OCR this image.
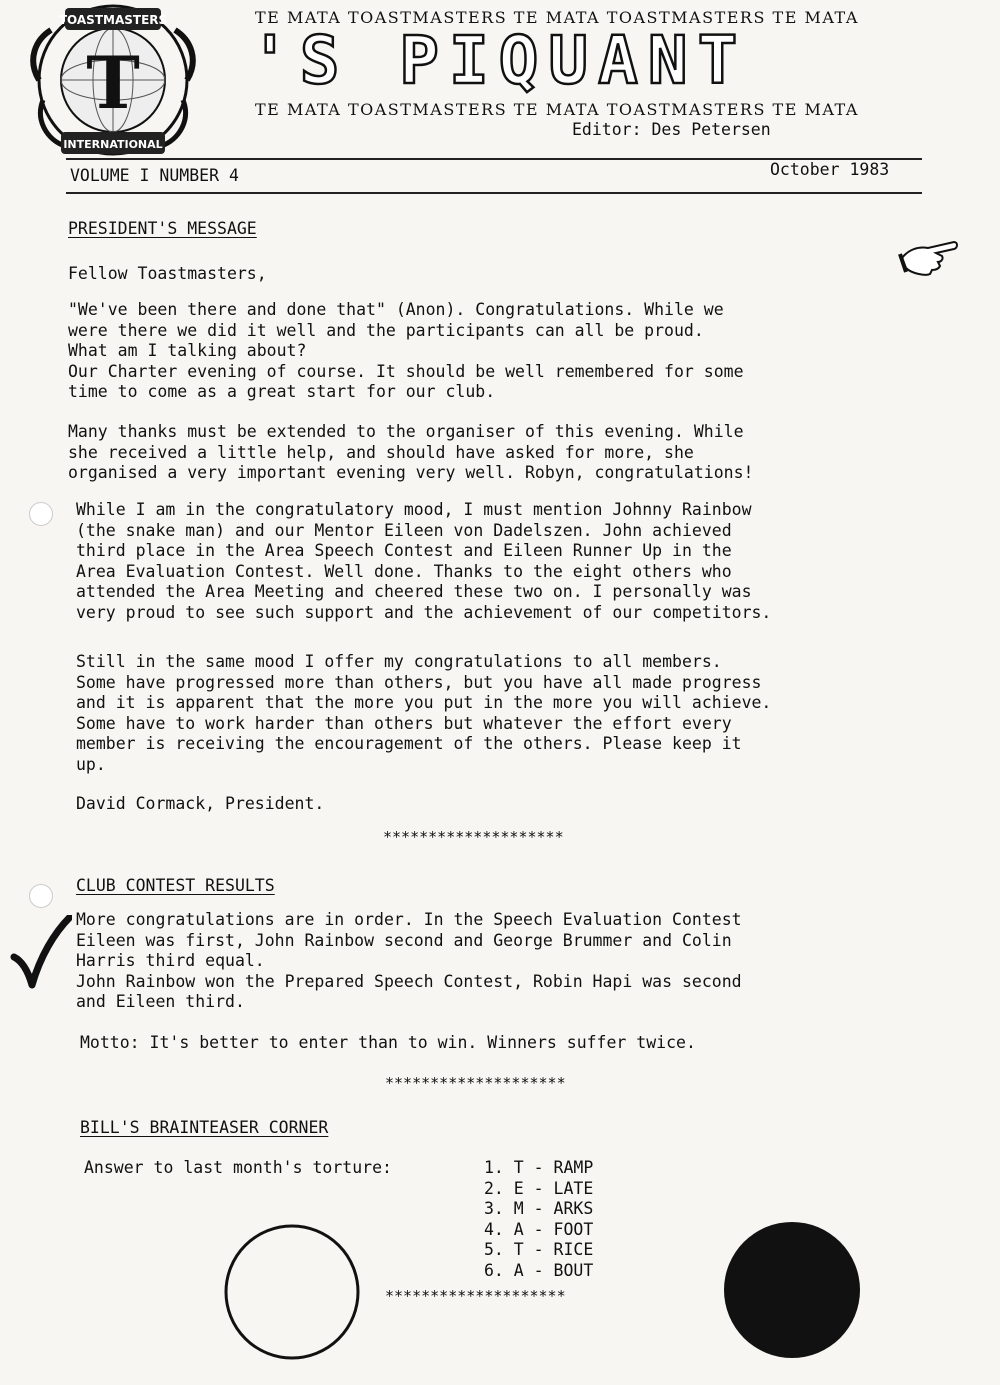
TOASTMASTERS
T
INTERNATIONAL
TE MATA TOASTMASTERS TE MATA TOASTMASTERS TE MATA
'S PIQUANT
TE MATA TOASTMASTERS TE MATA TOASTMASTERS TE MATA
Editor: Des Petersen
VOLUME I NUMBER 4	October 1983
PRESIDENT'S MESSAGE
Fellow Toastmasters,
"We've been there and done that" (Anon). Congratulations. While we
were there we did it well and the participants can all be proud.
What am I talking about?
Our Charter evening of course. It should be well remembered for some
time to come as a great start for our club.
Many thanks must be extended to the organiser of this evening. While
she received a little help, and should have asked for more, she
organised a very important evening very well. Robyn, congratulations!
While I am in the congratulatory mood, I must mention Johnny Rainbow
(the snake man) and our Mentor Eileen von Dadelszen. John achieved
third place in the Area Speech Contest and Eileen Runner Up in the
Area Evaluation Contest. Well done. Thanks to the eight others who
attended the Area Meeting and cheered these two on. I personally was
very proud to see such support and the achievement of our competitors.
Still in the same mood I offer my congratulations to all members.
Some have progressed more than others, but you have all made progress
and it is apparent that the more you put in the more you will achieve.
Some have to work harder than others but whatever the effort every
member is receiving the encouragement of the others. Please keep it
up.
David Cormack, President.
********************
CLUB CONTEST RESULTS
More congratulations are in order. In the Speech Evaluation Contest
Eileen was first, John Rainbow second and George Brummer and Colin
Harris third equal.
John Rainbow won the Prepared Speech Contest, Robin Hapi was second
and Eileen third.
Motto: It's better to enter than to win. Winners suffer twice.
********************
BILL'S BRAINTEASER CORNER
Answer to last month's torture:	1. T - RAMP
2. E - LATE
3. M - ARKS
4. A - FOOT
5. T - RICE
6. A - BOUT
********************
